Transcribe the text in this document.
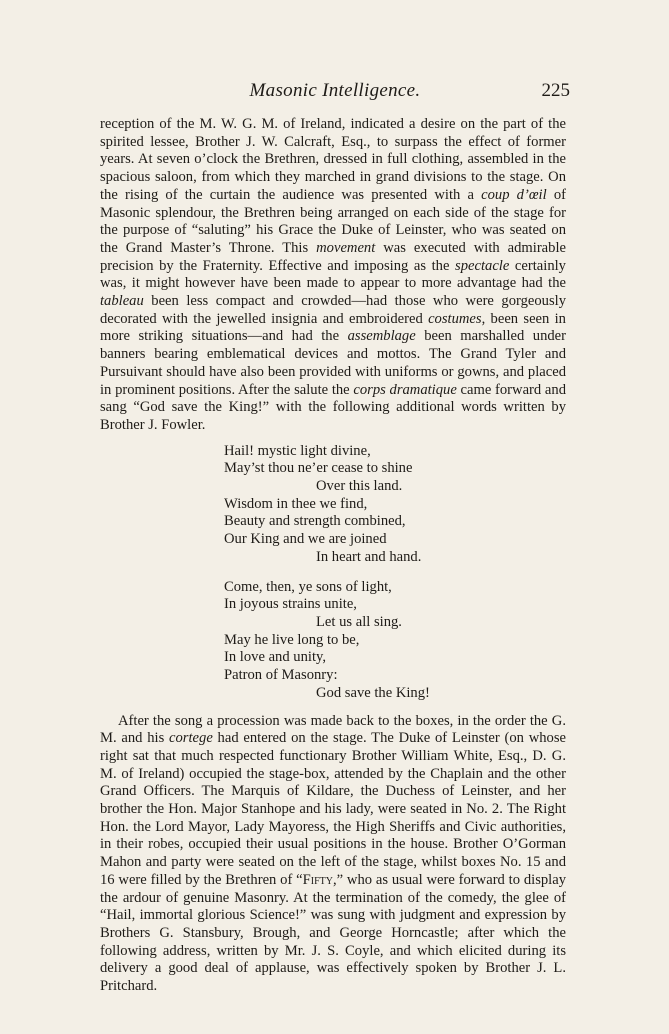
Masonic Intelligence.	225

reception of the M. W. G. M. of Ireland, indicated a desire on the part of the spirited lessee, Brother J. W. Calcraft, Esq., to surpass the effect of former years. At seven o’clock the Brethren, dressed in full clothing, assembled in the spacious saloon, from which they marched in grand divisions to the stage. On the rising of the curtain the audience was presented with a coup d’œil of Masonic splendour, the Brethren being arranged on each side of the stage for the purpose of “saluting” his Grace the Duke of Leinster, who was seated on the Grand Master’s Throne. This movement was executed with admirable precision by the Fraternity. Effective and imposing as the spectacle certainly was, it might however have been made to appear to more advantage had the tableau been less compact and crowded—had those who were gorgeously decorated with the jewelled insignia and embroidered costumes, been seen in more striking situations—and had the assemblage been marshalled under banners bearing emblematical devices and mottos. The Grand Tyler and Pursuivant should have also been provided with uniforms or gowns, and placed in prominent positions. After the salute the corps dramatique came forward and sang “God save the King!” with the following additional words written by Brother J. Fowler.

Hail! mystic light divine,
May’st thou ne’er cease to shine
Over this land.
Wisdom in thee we find,
Beauty and strength combined,
Our King and we are joined
In heart and hand.
Come, then, ye sons of light,
In joyous strains unite,
Let us all sing.
May he live long to be,
In love and unity,
Patron of Masonry:
God save the King!

After the song a procession was made back to the boxes, in the order the G. M. and his cortege had entered on the stage. The Duke of Leinster (on whose right sat that much respected functionary Brother William White, Esq., D. G. M. of Ireland) occupied the stage-box, attended by the Chaplain and the other Grand Officers. The Marquis of Kildare, the Duchess of Leinster, and her brother the Hon. Major Stanhope and his lady, were seated in No. 2. The Right Hon. the Lord Mayor, Lady Mayoress, the High Sheriffs and Civic authorities, in their robes, occupied their usual positions in the house. Brother O’Gorman Mahon and party were seated on the left of the stage, whilst boxes No. 15 and 16 were filled by the Brethren of “Fifty,” who as usual were forward to display the ardour of genuine Masonry. At the termination of the comedy, the glee of “Hail, immortal glorious Science!” was sung with judgment and expression by Brothers G. Stansbury, Brough, and George Horncastle; after which the following address, written by Mr. J. S. Coyle, and which elicited during its delivery a good deal of applause, was effectively spoken by Brother J. L. Pritchard.
